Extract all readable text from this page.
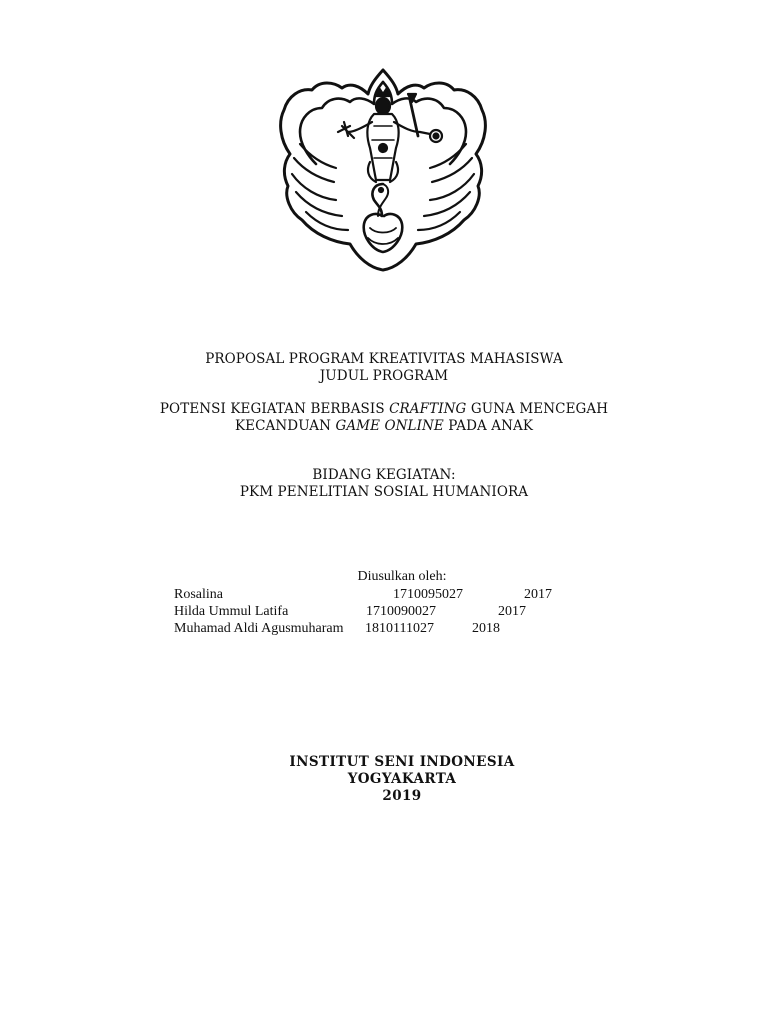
PROPOSAL PROGRAM KREATIVITAS MAHASISWA
JUDUL PROGRAM
POTENSI KEGIATAN BERBASIS CRAFTING GUNA MENCEGAH
KECANDUAN GAME ONLINE PADA ANAK
BIDANG KEGIATAN:
PKM PENELITIAN SOSIAL HUMANIORA
Diusulkan oleh:
Rosalina	1710095027	2017
Hilda Ummul Latifa	1710090027	2017
Muhamad Aldi Agusmuharam 1810111027	2018
INSTITUT SENI INDONESIA
YOGYAKARTA
2019
